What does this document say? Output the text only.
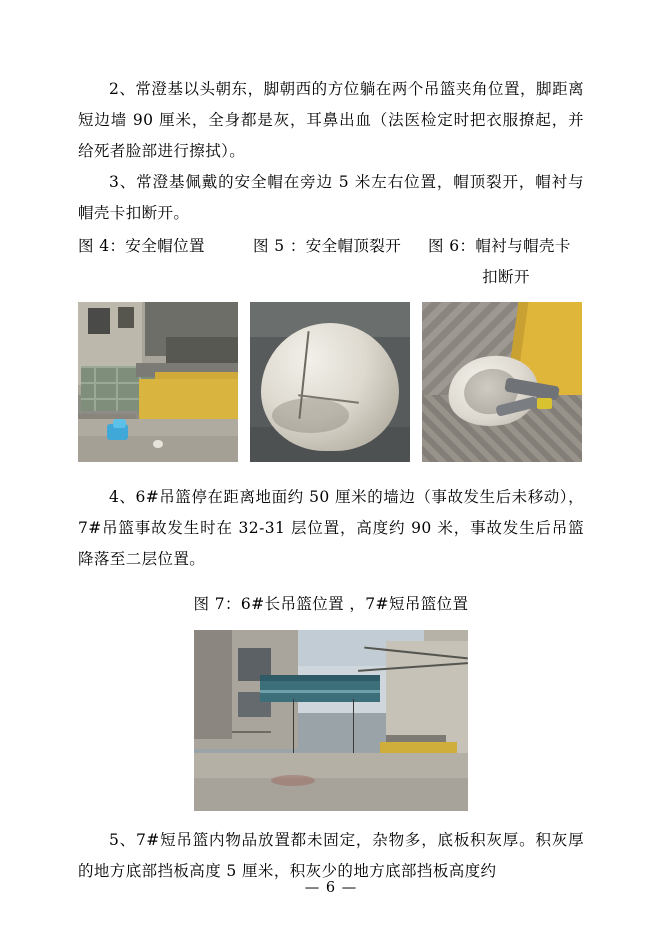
2、常澄基以头朝东，脚朝西的方位躺在两个吊篮夹角位置，脚距离短边墙 90 厘米，全身都是灰，耳鼻出血（法医检定时把衣服撩起，并给死者脸部进行擦拭）。

3、常澄基佩戴的安全帽在旁边 5 米左右位置，帽顶裂开，帽衬与帽壳卡扣断开。

图 4：安全帽位置	图 5 ：安全帽顶裂开	图 6：帽衬与帽壳卡
扣断开

4、6#吊篮停在距离地面约 50 厘米的墙边（事故发生后未移动），7#吊篮事故发生时在 32-31 层位置，高度约 90 米，事故发生后吊篮降落至二层位置。

图 7：6#长吊篮位置 ，7#短吊篮位置

5、7#短吊篮内物品放置都未固定，杂物多，底板积灰厚。积灰厚的地方底部挡板高度 5 厘米，积灰少的地方底部挡板高度约

— 6 —
